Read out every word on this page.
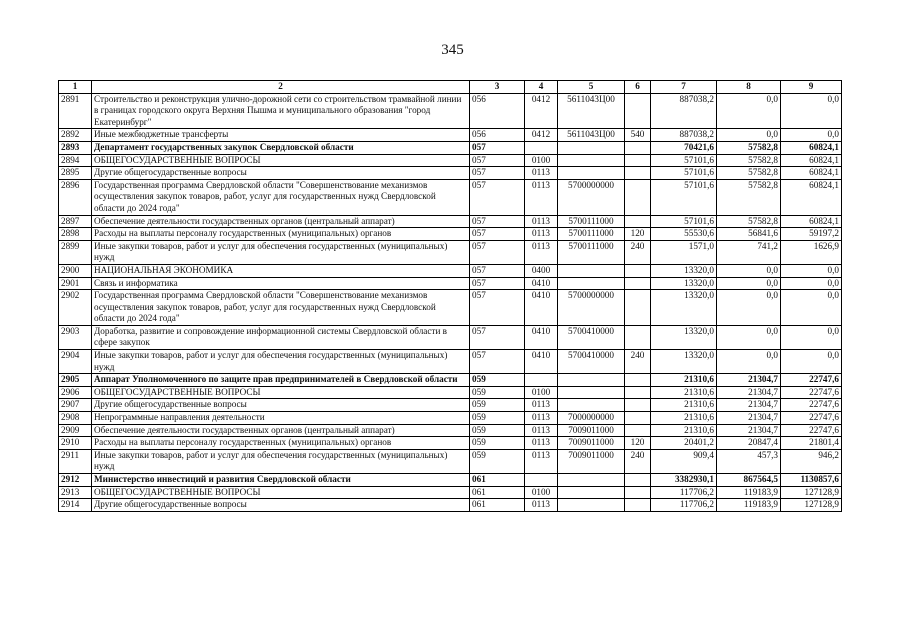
345
1	2	3	4	5	6	7	8	9
2891	Строительство и реконструкция улично-дорожной сети со строительством трамвайной линии в границах городского округа Верхняя Пышма и муниципального образования "город Екатеринбург"	056	0412	5611043Ц00		887038,2	0,0	0,0
2892	Иные межбюджетные трансферты	056	0412	5611043Ц00	540	887038,2	0,0	0,0
2893	Департамент государственных закупок Свердловской области	057				70421,6	57582,8	60824,1
2894	ОБЩЕГОСУДАРСТВЕННЫЕ ВОПРОСЫ	057	0100			57101,6	57582,8	60824,1
2895	Другие общегосударственные вопросы	057	0113			57101,6	57582,8	60824,1
2896	Государственная программа Свердловской области "Совершенствование механизмов осуществления закупок товаров, работ, услуг для государственных нужд Свердловской области до 2024 года"	057	0113	5700000000		57101,6	57582,8	60824,1
2897	Обеспечение деятельности государственных органов (центральный аппарат)	057	0113	5700111000		57101,6	57582,8	60824,1
2898	Расходы на выплаты персоналу государственных (муниципальных) органов	057	0113	5700111000	120	55530,6	56841,6	59197,2
2899	Иные закупки товаров, работ и услуг для обеспечения государственных (муниципальных) нужд	057	0113	5700111000	240	1571,0	741,2	1626,9
2900	НАЦИОНАЛЬНАЯ ЭКОНОМИКА	057	0400			13320,0	0,0	0,0
2901	Связь и информатика	057	0410			13320,0	0,0	0,0
2902	Государственная программа Свердловской области "Совершенствование механизмов осуществления закупок товаров, работ, услуг для государственных нужд Свердловской области до 2024 года"	057	0410	5700000000		13320,0	0,0	0,0
2903	Доработка, развитие и сопровождение информационной системы Свердловской области в сфере закупок	057	0410	5700410000		13320,0	0,0	0,0
2904	Иные закупки товаров, работ и услуг для обеспечения государственных (муниципальных) нужд	057	0410	5700410000	240	13320,0	0,0	0,0
2905	Аппарат Уполномоченного по защите прав предпринимателей в Свердловской области	059				21310,6	21304,7	22747,6
2906	ОБЩЕГОСУДАРСТВЕННЫЕ ВОПРОСЫ	059	0100			21310,6	21304,7	22747,6
2907	Другие общегосударственные вопросы	059	0113			21310,6	21304,7	22747,6
2908	Непрограммные направления деятельности	059	0113	7000000000		21310,6	21304,7	22747,6
2909	Обеспечение деятельности государственных органов (центральный аппарат)	059	0113	7009011000		21310,6	21304,7	22747,6
2910	Расходы на выплаты персоналу государственных (муниципальных) органов	059	0113	7009011000	120	20401,2	20847,4	21801,4
2911	Иные закупки товаров, работ и услуг для обеспечения государственных (муниципальных) нужд	059	0113	7009011000	240	909,4	457,3	946,2
2912	Министерство инвестиций и развития Свердловской области	061				3382930,1	867564,5	1130857,6
2913	ОБЩЕГОСУДАРСТВЕННЫЕ ВОПРОСЫ	061	0100			117706,2	119183,9	127128,9
2914	Другие общегосударственные вопросы	061	0113			117706,2	119183,9	127128,9
